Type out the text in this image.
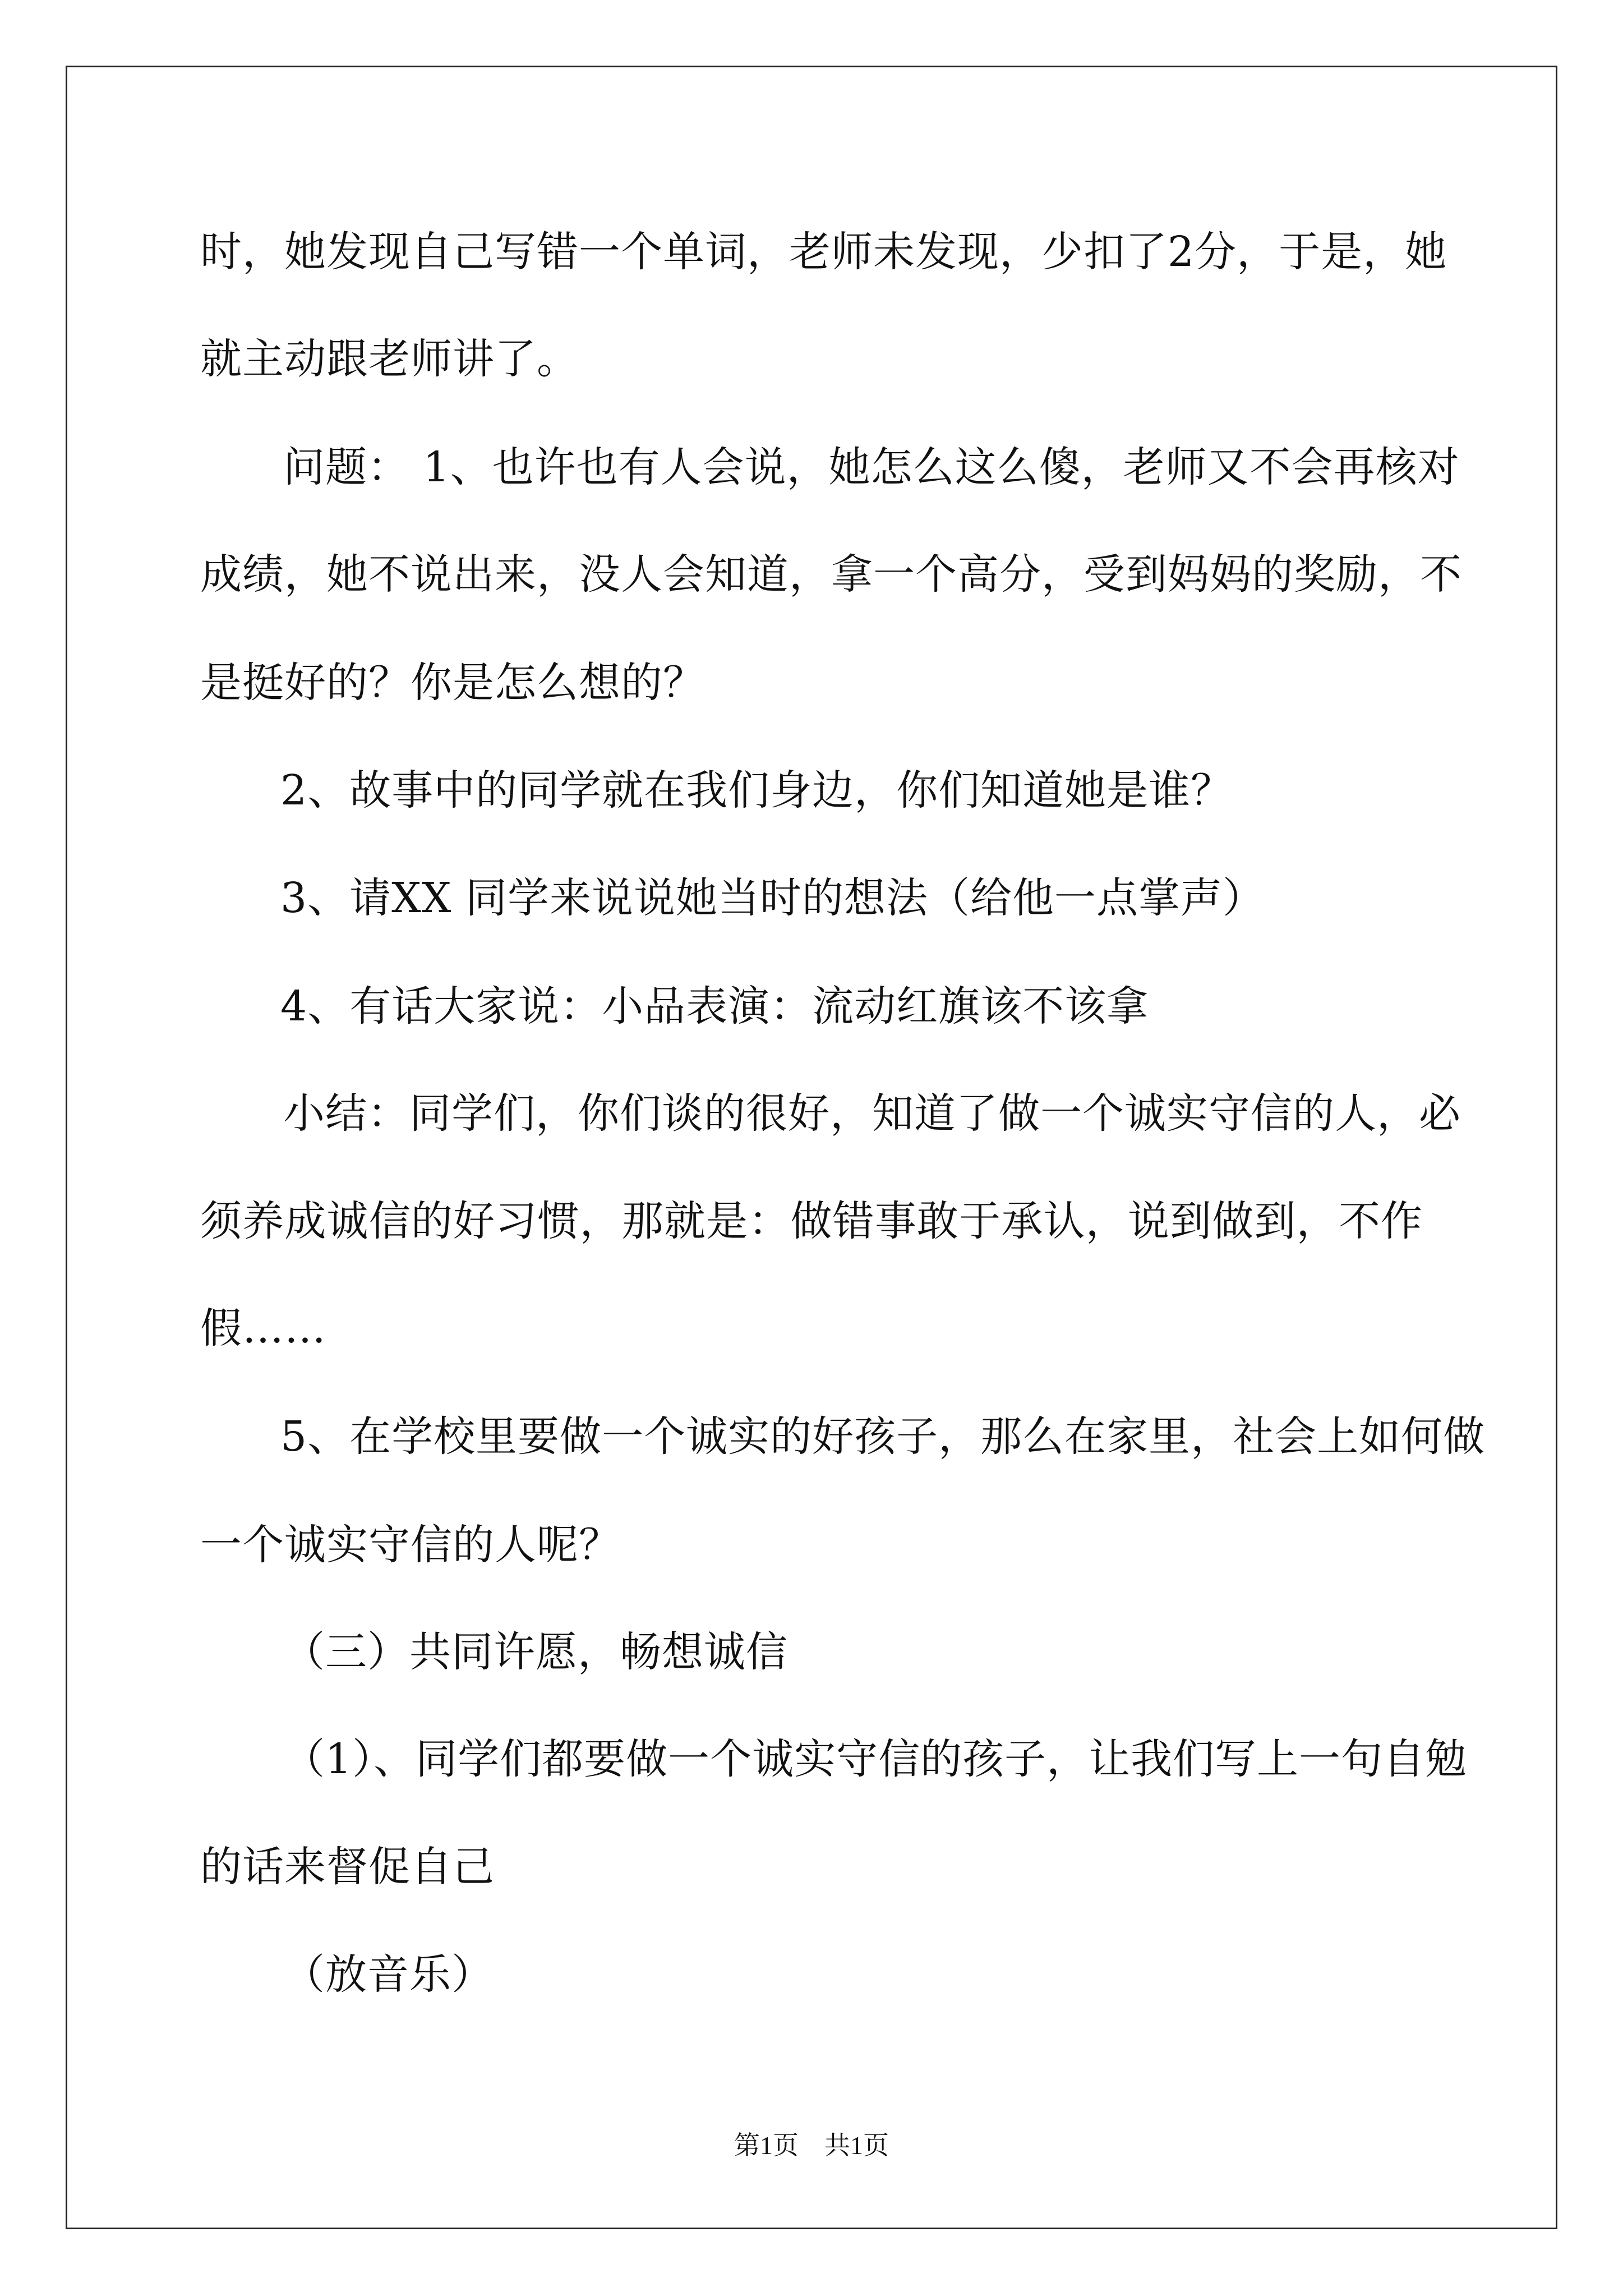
时，她发现自己写错一个单词，老师未发现，少扣了2分，于是，她
就主动跟老师讲了。
问题： 1、也许也有人会说，她怎么这么傻，老师又不会再核对
成绩，她不说出来，没人会知道，拿一个高分，受到妈妈的奖励，不
是挺好的？你是怎么想的？
2、故事中的同学就在我们身边，你们知道她是谁？
3、请XX 同学来说说她当时的想法（给他一点掌声）
4、有话大家说：小品表演：流动红旗该不该拿
小结：同学们，你们谈的很好，知道了做一个诚实守信的人，必
须养成诚信的好习惯，那就是：做错事敢于承认，说到做到，不作
假……
5、在学校里要做一个诚实的好孩子，那么在家里，社会上如何做
一个诚实守信的人呢？
（三）共同许愿，畅想诚信
（1）、同学们都要做一个诚实守信的孩子，让我们写上一句自勉
的话来督促自己
（放音乐）
第1页 共1页
